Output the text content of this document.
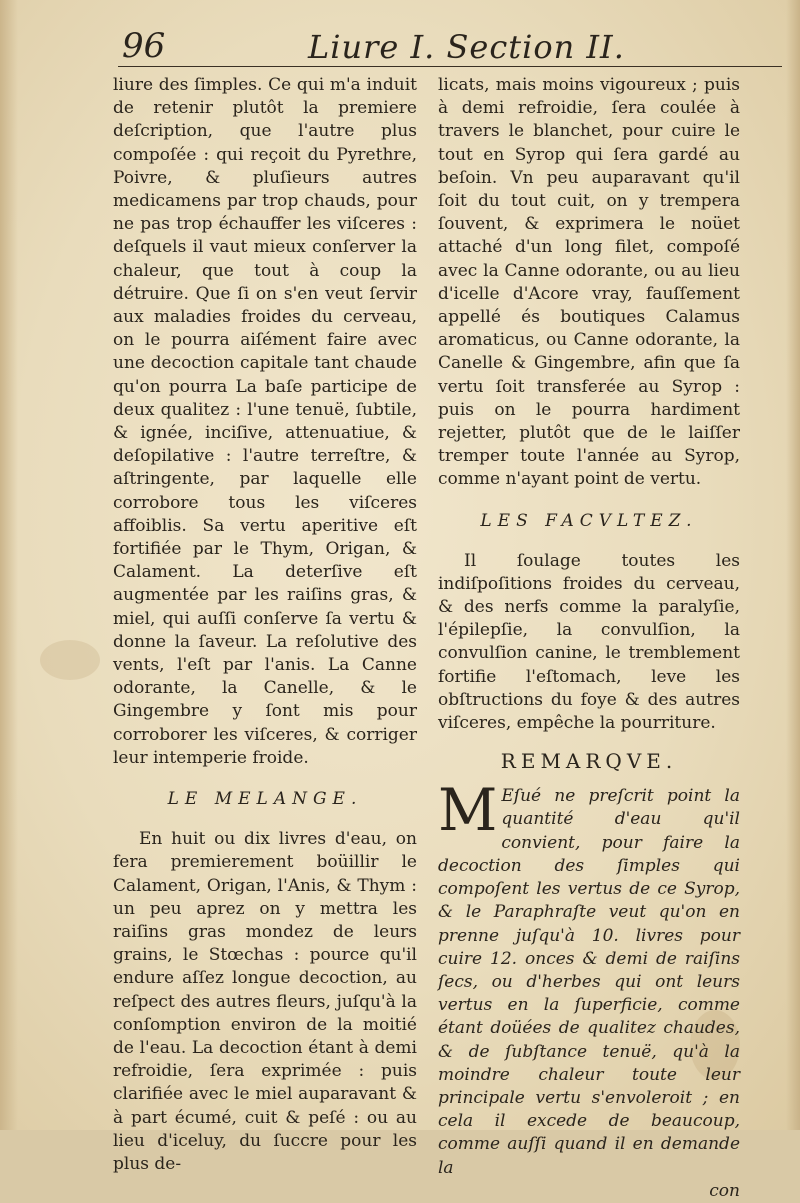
96	Liure I. Section II.

liure des ſimples. Ce qui m'a induit de retenir plutôt la premiere deſcription, que l'autre plus compoſée : qui reçoit du Pyrethre, Poivre, & pluſieurs autres medicamens par trop chauds, pour ne pas trop échauffer les viſceres : deſquels il vaut mieux conſerver la chaleur, que tout à coup la détruire. Que ſi on s'en veut ſervir aux maladies froides du cerveau, on le pourra aiſément faire avec une decoction capitale tant chaude qu'on pourra La baſe participe de deux qualitez : l'une tenuë, ſubtile, & ignée, inciſive, attenuatiue, & deſopilative : l'autre terreſtre, & aſtringente, par laquelle elle corrobore tous les viſceres affoiblis. Sa vertu aperitive eſt fortifiée par le Thym, Origan, & Calament. La deterſive eſt augmentée par les raiſins gras, & miel, qui auſſi conſerve ſa vertu & donne la ſaveur. La reſolutive des vents, l'eſt par l'anis. La Canne odorante, la Canelle, & le Gingembre y ſont mis pour corroborer les viſceres, & corriger leur intemperie froide.

LE MELANGE.

En huit ou dix livres d'eau, on fera premierement boüillir le Calament, Origan, l'Anis, & Thym : un peu aprez on y mettra les raiſins gras mondez de leurs grains, le Stœchas : pource qu'il endure aſſez longue decoction, au reſpect des autres fleurs, juſqu'à la conſomption environ de la moitié de l'eau. La decoction étant à demi refroidie, ſera exprimée : puis clarifiée avec le miel auparavant & à part écumé, cuit & peſé : ou au lieu d'iceluy, du ſuccre pour les plus de-

licats, mais moins vigoureux ; puis à demi refroidie, ſera coulée à travers le blanchet, pour cuire le tout en Syrop qui ſera gardé au beſoin. Vn peu auparavant qu'il ſoit du tout cuit, on y trempera ſouvent, & exprimera le noüet attaché d'un long filet, compoſé avec la Canne odorante, ou au lieu d'icelle d'Acore vray, fauſſement appellé és boutiques Calamus aromaticus, ou Canne odorante, la Canelle & Gingembre, afin que ſa vertu ſoit transferée au Syrop : puis on le pourra hardiment rejetter, plutôt que de le laiſſer tremper toute l'année au Syrop, comme n'ayant point de vertu.

LES FACVLTEZ.

Il ſoulage toutes les indiſpoſitions froides du cerveau, & des nerfs comme la paralyſie, l'épilepſie, la convulſion, la convulſion canine, le tremblement fortifie l'eſtomach, leve les obſtructions du foye & des autres viſceres, empêche la pourriture.

REMARQVE.

M Eſué ne preſcrit point la quantité d'eau qu'il convient, pour faire la decoction des ſimples qui compoſent les vertus de ce Syrop, & le Paraphraſte veut qu'on en prenne juſqu'à 10. livres pour cuire 12. onces & demi de raiſins ſecs, ou d'herbes qui ont leurs vertus en la ſuperficie, comme étant doüées de qualitez chaudes, & de ſubſtance tenuë, qu'à la moindre chaleur toute leur principale vertu s'envoleroit ; en cela il excede de beaucoup, comme auſſi quand il en demande la

con
